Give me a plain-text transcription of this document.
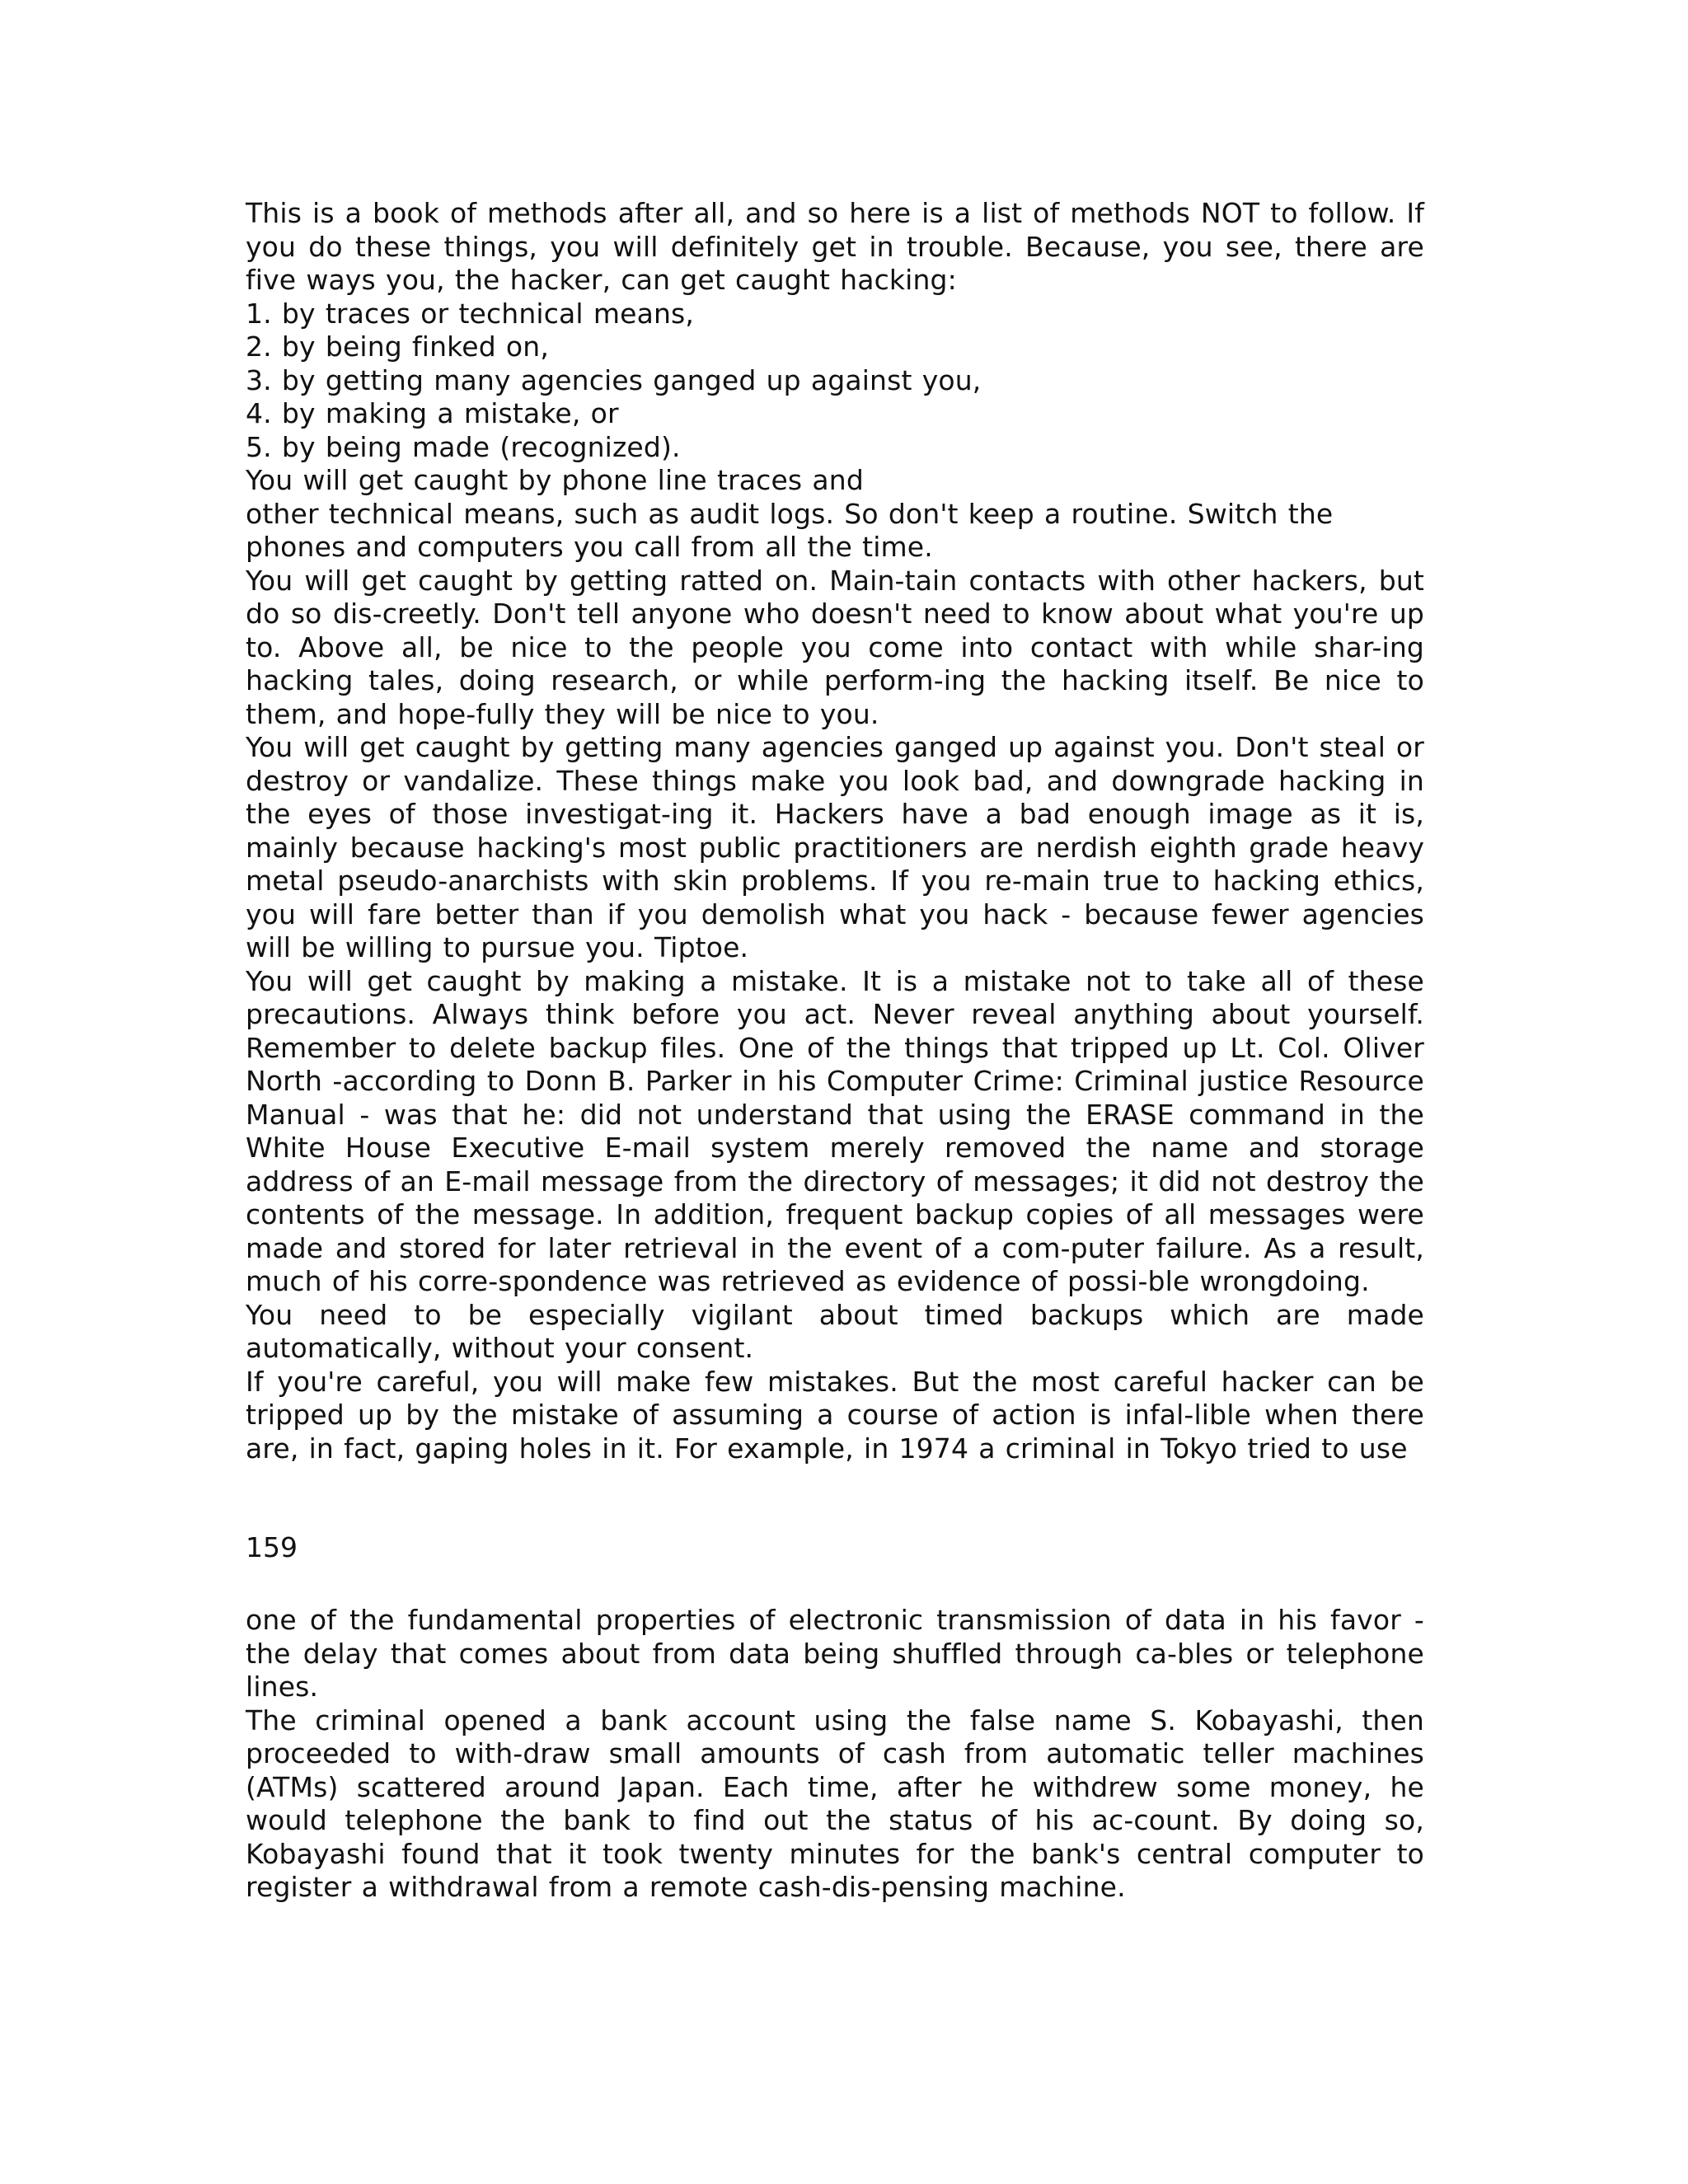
This is a book of methods after all, and so here is a list of methods NOT to follow. If you do these things, you will definitely get in trouble. Because, you see, there are five ways you, the hacker, can get caught hacking:

1. by traces or technical means,

2. by being finked on,

3. by getting many agencies ganged up against you,

4. by making a mistake, or

5. by being made (recognized).

You will get caught by phone line traces and

other technical means, such as audit logs. So don't keep a routine. Switch the phones and computers you call from all the time.

You will get caught by getting ratted on. Main-tain contacts with other hackers, but do so dis-creetly. Don't tell anyone who doesn't need to know about what you're up to. Above all, be nice to the people you come into contact with while shar-ing hacking tales, doing research, or while perform-ing the hacking itself. Be nice to them, and hope-fully they will be nice to you.

You will get caught by getting many agencies ganged up against you. Don't steal or destroy or vandalize. These things make you look bad, and downgrade hacking in the eyes of those investigat-ing it. Hackers have a bad enough image as it is, mainly because hacking's most public practitioners are nerdish eighth grade heavy metal pseudo-anarchists with skin problems. If you re-main true to hacking ethics, you will fare better than if you demolish what you hack - because fewer agencies will be willing to pursue you. Tiptoe.

You will get caught by making a mistake. It is a mistake not to take all of these precautions. Always think before you act. Never reveal anything about yourself. Remember to delete backup files. One of the things that tripped up Lt. Col. Oliver North -according to Donn B. Parker in his Computer Crime: Criminal justice Resource Manual - was that he: did not understand that using the ERASE command in the White House Executive E-mail system merely removed the name and storage address of an E-mail message from the directory of messages; it did not destroy the contents of the message. In addition, frequent backup copies of all messages were made and stored for later retrieval in the event of a com-puter failure. As a result, much of his corre-spondence was retrieved as evidence of possi-ble wrongdoing.

You need to be especially vigilant about timed backups which are made automatically, without your consent.

If you're careful, you will make few mistakes. But the most careful hacker can be tripped up by the mistake of assuming a course of action is infal-lible when there are, in fact, gaping holes in it. For example, in 1974 a criminal in Tokyo tried to use

159

one of the fundamental properties of electronic transmission of data in his favor - the delay that comes about from data being shuffled through ca-bles or telephone lines.

The criminal opened a bank account using the false name S. Kobayashi, then proceeded to with-draw small amounts of cash from automatic teller machines (ATMs) scattered around Japan. Each time, after he withdrew some money, he would telephone the bank to find out the status of his ac-count. By doing so, Kobayashi found that it took twenty minutes for the bank's central computer to register a withdrawal from a remote cash-dis-pensing machine.
